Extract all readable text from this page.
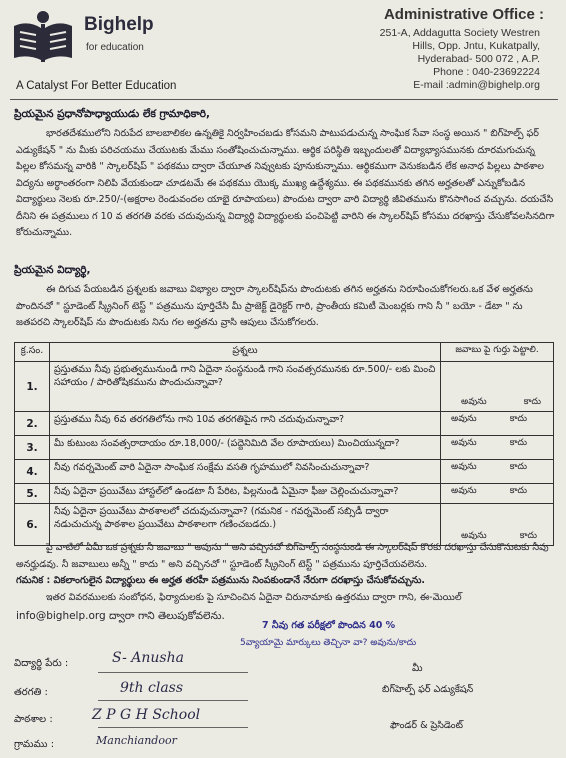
Bighelp
for education
A Catalyst For Better Education
Administrative Office :
251-A, Addagutta Society Westren
Hills, Opp. Jntu, Kukatpally,
Hyderabad- 500 072 , A.P.
Phone : 040-23692224
E-mail :admin@bighelp.org
ప్రియమైన ప్రధానోపాధ్యాయుడు లేక గ్రామాధికారి,
భారతదేశములోని నిరుపేద బాలబాలికల ఉన్నతికై నిర్వహించబడు కోసమని పాటుపడుచున్న సాంఘిక సేవా సంస్థ అయిన " బిగ్‌హెల్ప్ ఫర్ ఎడ్యుకేషన్ " ను మీకు పరిచయము చేయుటకు మేము సంతోషించుచున్నాము. ఆర్థిక పరిస్థితి ఇబ్బందులతో విద్యాభ్యాసమునకు దూరమగుచున్న పిల్లల కోసమన్న వారికి " స్కాలర్‌షిప్ " పథకము ద్వారా చేయూత నివ్వుటకు పూనుకున్నాము. ఆర్థికముగా వెనుకబడిన లేక అనాధ పిల్లలు పాఠశాల విద్యను అర్ధాంతరంగా నిలిపి వేయకుండా చూడటమే ఈ పథకము యొక్క ముఖ్య ఉద్దేశ్యము. ఈ పథకమునకు తగిన అర్హతలతో ఎన్నుకోబడిన విద్యార్థులు నెలకు రూ.250/-(అక్షరాల రెండువందల యాభై రూపాయలు) పొందుట ద్వారా వారి విద్యార్థి జీవితమును కొనసాగించ వచ్చును. దయచేసి దీనిని ఈ పత్రములు గ 10 వ తరగతి వరకు చదువుచున్న విద్యార్థి విద్యార్థులకు పంచిపెట్టి వారిని ఈ స్కాలర్‌షిప్ కోసము దరఖాస్తు చేసుకోవలసినదిగా కోరుచున్నాము.
ప్రియమైన విద్యార్థి,
ఈ దిగువ పేయబడిన ప్రశ్నలకు జవాబు విభ్యాల ద్వారా స్కాలర్‌షిప్‌ను పొందుటకు తగిన అర్హతను నిరూపించుకోగలరు.ఒక వేళ అర్హతను పొందినచో " స్టూడెంట్ స్క్రీనింగ్ టెస్ట్ " పత్రమును పూర్తిచేసి మీ ప్రాజెక్ట్ డైరెక్టర్ గారి, ప్రాంతీయ కమిటీ మెంబర్లకు గాని నీ " బయో - డేటా " ను జతపరచి స్కాలర్‌షిప్ ను పొందుటకు నిను గల అర్హతను వ్రాసి ఆపులు చేసుకోగలరు.
క్ర.సం.	ప్రశ్నలు	జవాబు పై గుర్తు పెట్టాలి.
1.	ప్రస్తుతము నీవు ప్రభుత్వమునుండి గాని ఏదైనా సంస్థనుండి గాని సంవత్సరమునకు రూ.500/- లకు మించి సహాయం / పారితోషికమును పొందుచున్నావా?	అవును కాదు

2.	ప్రస్తుతము నీవు 6వ తరగతిలోను గాని 10వ తరగతిపైన గాని చదువుచున్నావా?	అవును కాదు

3.	మీ కుటుంబ సంవత్సరాదాయం రూ.18,000/- (పద్దెనిమిది వేల రూపాయలు) మించియున్నదా?	అవును కాదు

4.	నీవు గవర్నమెంట్ వారి ఏదైనా సాంఘిక సంక్షేమ వసతి గృహములో నివసించుచున్నావా?	అవును కాదు

5.	నీవు ఏదైనా ప్రయివేటు హాస్టల్‌లో ఉండటా నీ పేరిట, పిల్లనుండి ఏమైనా ఫీజు చెల్లించుచున్నావా?	అవును కాదు

6.	నీవు ఏదైనా ప్రయివేటు పాఠశాలలో చదువుచున్నావా? (గమనిక - గవర్నమెంట్ సబ్సిడీ ద్వారా నడుచుచున్న పాఠశాల ప్రయివేటు పాఠశాలగా గణించబడదు.)	అవును కాదు
పై వాటిలో ఏమీ ఒక ప్రశ్నకు నీ జవాబు " అవును " అని వచ్చినచో బిగ్‌హెల్ప్ సంస్థనుండి ఈ స్కాలర్‌షిప్ కొరకు దరఖాస్తు చేసుకొనుటకు నీవు అనర్హుడవు. నీ జవాబులు అన్నీ " కాదు " అని వచ్చినచో " స్టూడెంట్ స్క్రీనింగ్ టెస్ట్ " పత్రమును పూర్తిచేయవలెను.
గమనిక : వికలాంగులైన విద్యార్థులు ఈ అర్హత తరహీ పత్రమును నింపకుండానే నేరుగా దరఖాస్తు చేసుకోవచ్చును.
ఇతర వివరములకు సంబోధన, ఫిర్యాదులకు పై సూచించిన ఏదైనా చిరునామాకు ఉత్తరము ద్వారా గాని, ఈ-మెయిల్
info@bighelp.org ద్వారా గాని తెలుపుకోవలెను.
7 నీవు గత పరీక్షలో పొందిన 40 %
5వ్యాయామై మార్కులు తెచ్చినా వా? అవును/కాదు
విద్యార్థి పేరు :	S- Anusha
తరగతి :	9th class
పాఠశాల :	Z P G H School
గ్రామము :	Manchiandoor
మీ
బిగ్‌హెల్ప్ ఫర్ ఎడ్యుకేషన్
ఫౌండర్ & ప్రెసిడెంట్
